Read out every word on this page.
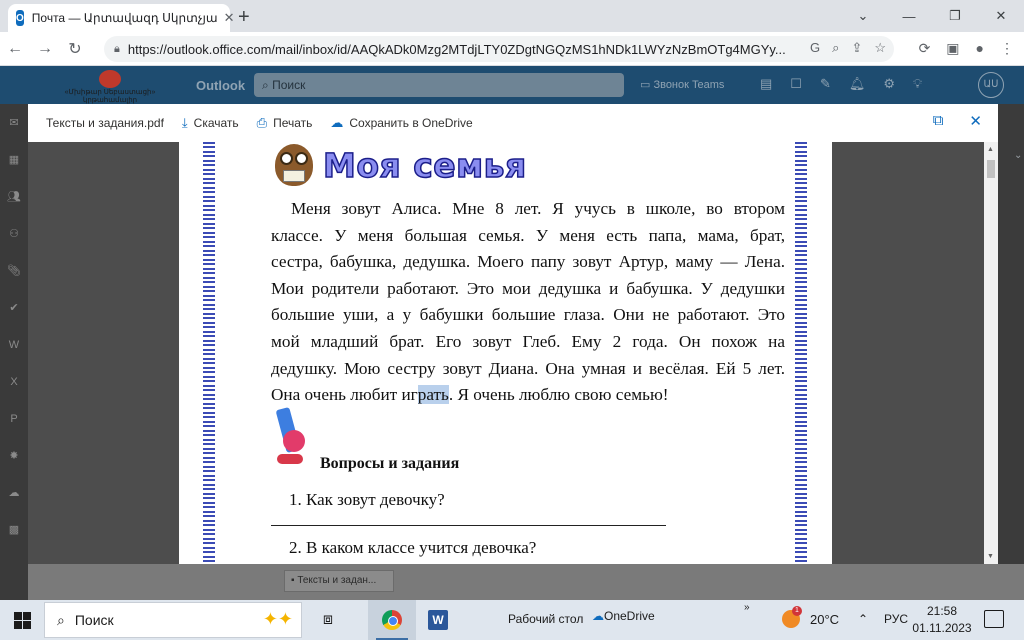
O Почта — Արտավազդ Սկրտչյա ✕ +	⌄	—	❐	✕
← → ↻	🔒︎ https://outlook.office.com/mail/inbox/id/AAQkADk0Mzg2MTdjLTY0ZDgtNGQzMS1hNDk1LWYzNzBmOTg4MGYy... G ⌕ ⇪ ☆ ⟳ ▣ ● ⋮
«Մխիթար Սեբաստացի» կրթահամալիր
Outlook	⌕ Поиск	▭ Звонок Teams	▤ ☐ ✎ 🔔︎ ⚙ 💡︎	ԱՍ
✉
▦
👥︎
⚇
📎︎
✔
W
X
P
✸
☁
▩
▪ Тексты и задан...
⌄
Тексты и задания.pdf ⤓ Скачать ⎙ Печать ☁ Сохранить в OneDrive	⧉ ✕
Моя семья
Меня зовут Алиса. Мне 8 лет. Я учусь в школе, во втором
классе. У меня большая семья. У меня есть папа, мама, брат,
сестра, бабушка, дедушка. Моего папу зовут Артур, маму — Лена.
Мои родители работают. Это мои дедушка и бабушка. У дедушки
большие уши, а у бабушки большие глаза. Они не работают. Это
мой младший брат. Его зовут Глеб. Ему 2 года. Он похож на
дедушку. Мою сестру зовут Диана. Она умная и весёлая. Ей 5 лет.
Она очень любит играть. Я очень люблю свою семью!
Вопросы и задания
1. Как зовут девочку?
2. В каком классе учится девочка?
▲
▼
⌕ Поиск	✦✦	⧈	W	Рабочий стол ☁OneDrive
»	1
20°C ⌃ РУС
21:58
01.11.2023
